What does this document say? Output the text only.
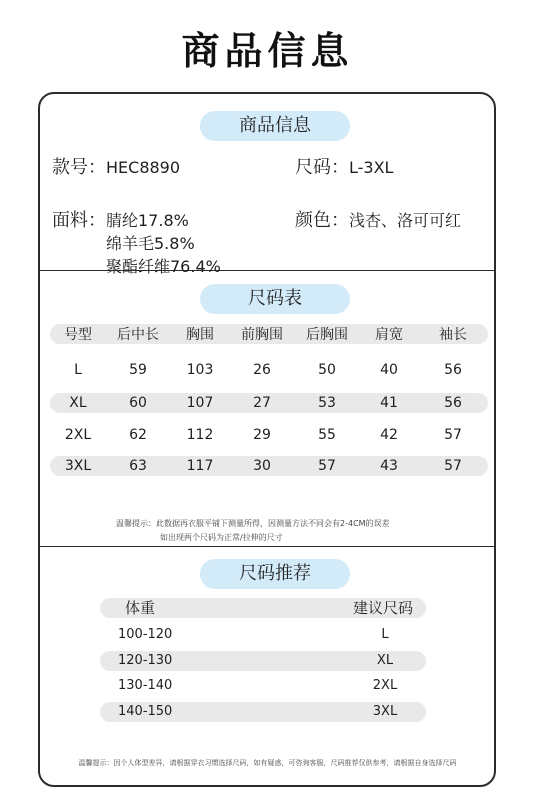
商品信息
商品信息
款号：HEC8890	尺码：L-3XL
面料： 腈纶17.8%
绵羊毛5.8%
聚酯纤维76.4%
颜色：浅杏、洛可可红
尺码表
号型	后中长	胸围	前胸围	后胸围	肩宽	袖长
L	59	103	26	50	40	56
XL	60	107	27	53	41	56
2XL	62	112	29	55	42	57
3XL	63	117	30	57	43	57
温馨提示：此数据再衣服平铺下测量所得，因测量方法不同会有2-4CM的误差
如出现两个尺码为正常/拉伸的尺寸
尺码推荐
体重	建议尺码
100-120	L
120-130	XL
130-140	2XL
140-150	3XL
温馨提示：因个人体型差异，请根据穿衣习惯选择尺码，如有疑惑，可咨询客服，尺码推荐仅供参考，请根据自身选择尺码
